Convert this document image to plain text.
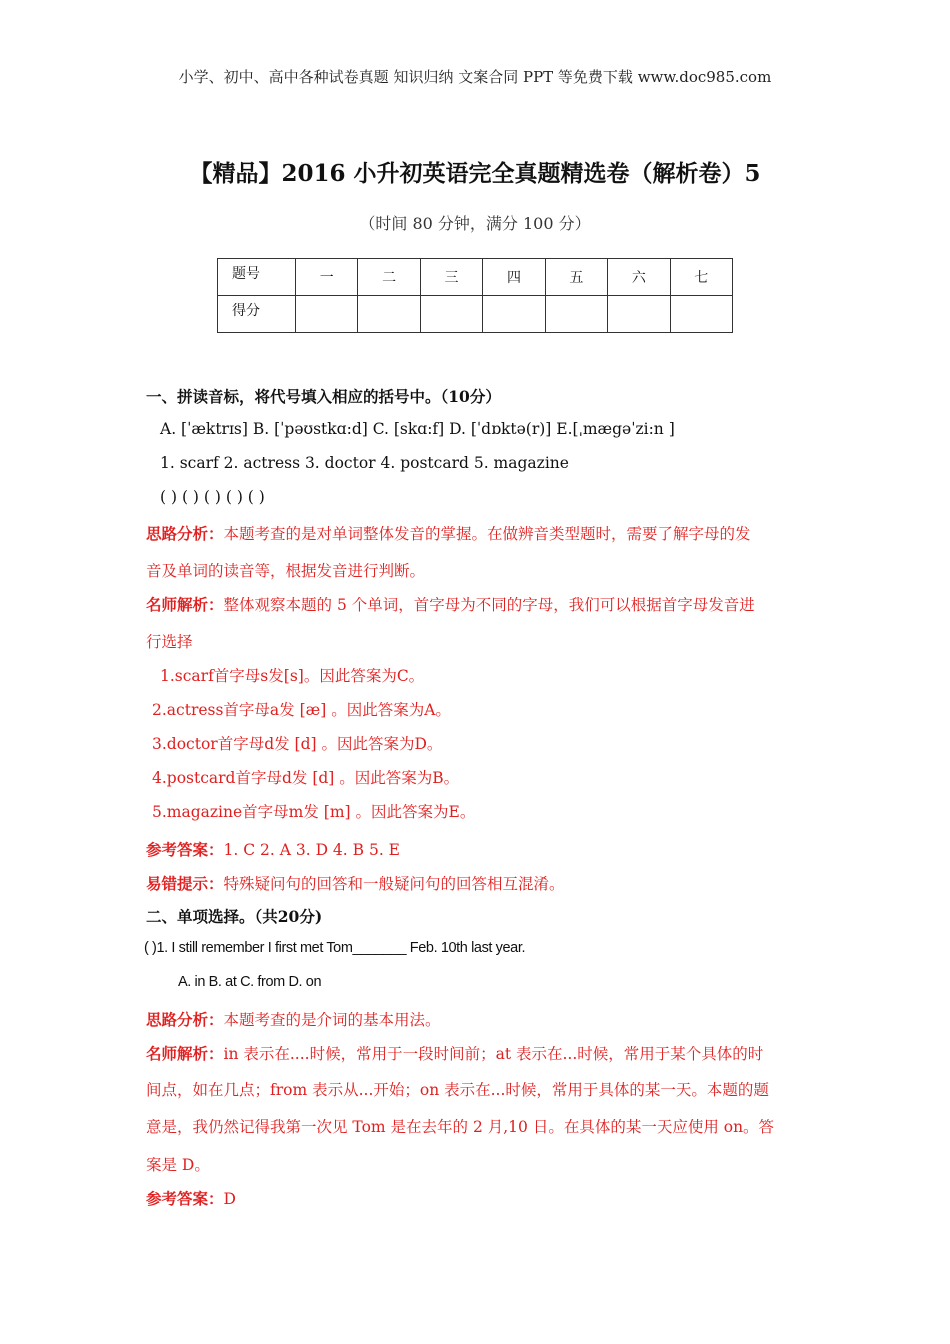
小学、初中、高中各种试卷真题 知识归纳 文案合同 PPT 等免费下载 www.doc985.com
【精品】2016 小升初英语完全真题精选卷（解析卷）5
（时间 80 分钟，满分 100 分）
题号	一	二	三	四	五	六	七
得分							
一、拼读音标，将代号填入相应的括号中。（10分）
A. [ˈæktrɪs] B. [ˈpəʊstkɑ:d] C. [skɑ:f] D. [ˈdɒktə(r)] E.[ˌmægəˈzi:n ]
1. scarf 2. actress 3. doctor 4. postcard 5. magazine
( ) ( ) ( ) ( ) ( )
思路分析：本题考查的是对单词整体发音的掌握。在做辨音类型题时，需要了解字母的发
音及单词的读音等，根据发音进行判断。
名师解析：整体观察本题的 5 个单词，首字母为不同的字母，我们可以根据首字母发音进
行选择
1.scarf首字母s发[s]。因此答案为C。
2.actress首字母a发 [æ] 。因此答案为A。
3.doctor首字母d发 [d] 。因此答案为D。
4.postcard首字母d发 [d] 。因此答案为B。
5.magazine首字母m发 [m] 。因此答案为E。
参考答案：1. C 2. A 3. D 4. B 5. E
易错提示：特殊疑问句的回答和一般疑问句的回答相互混淆。
二、单项选择。（共20分)
( )1. I still remember I first met Tom_______ Feb. 10th last year.
A. in B. at C. from D. on
思路分析：本题考查的是介词的基本用法。
名师解析：in 表示在....时候，常用于一段时间前；at 表示在...时候，常用于某个具体的时
间点，如在几点；from 表示从...开始；on 表示在...时候，常用于具体的某一天。本题的题
意是，我仍然记得我第一次见 Tom 是在去年的 2 月,10 日。在具体的某一天应使用 on。答
案是 D。
参考答案：D
